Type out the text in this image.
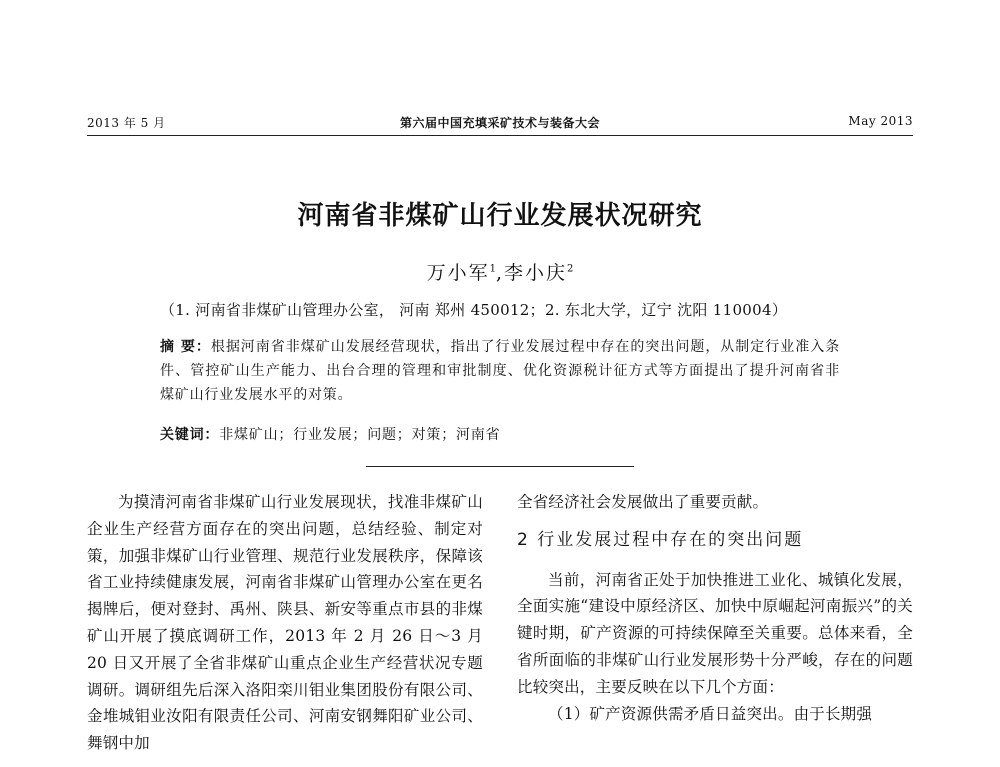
2013 年 5 月	第六届中国充填采矿技术与装备大会	May 2013
河南省非煤矿山行业发展状况研究
万小军$^1$,李小庆$^2$
（1. 河南省非煤矿山管理办公室， 河南 郑州 450012；2. 东北大学，辽宁 沈阳 110004）
摘 要：根据河南省非煤矿山发展经营现状，指出了行业发展过程中存在的突出问题，从制定行业准入条件、管控矿山生产能力、出台合理的管理和审批制度、优化资源税计征方式等方面提出了提升河南省非煤矿山行业发展水平的对策。
关键词：非煤矿山；行业发展；问题；对策；河南省

为摸清河南省非煤矿山行业发展现状，找准非煤矿山企业生产经营方面存在的突出问题，总结经验、制定对策，加强非煤矿山行业管理、规范行业发展秩序，保障该省工业持续健康发展，河南省非煤矿山管理办公室在更名揭牌后，便对登封、禹州、陕县、新安等重点市县的非煤矿山开展了摸底调研工作，2013 年 2 月 26 日～3 月 20 日又开展了全省非煤矿山重点企业生产经营状况专题调研。调研组先后深入洛阳栾川钼业集团股份有限公司、金堆城钼业汝阳有限责任公司、河南安钢舞阳矿业公司、舞钢中加

全省经济社会发展做出了重要贡献。

2 行业发展过程中存在的突出问题

当前，河南省正处于加快推进工业化、城镇化发展，全面实施“建设中原经济区、加快中原崛起河南振兴”的关键时期，矿产资源的可持续保障至关重要。总体来看，全省所面临的非煤矿山行业发展形势十分严峻，存在的问题比较突出，主要反映在以下几个方面：

（1）矿产资源供需矛盾日益突出。由于长期强
